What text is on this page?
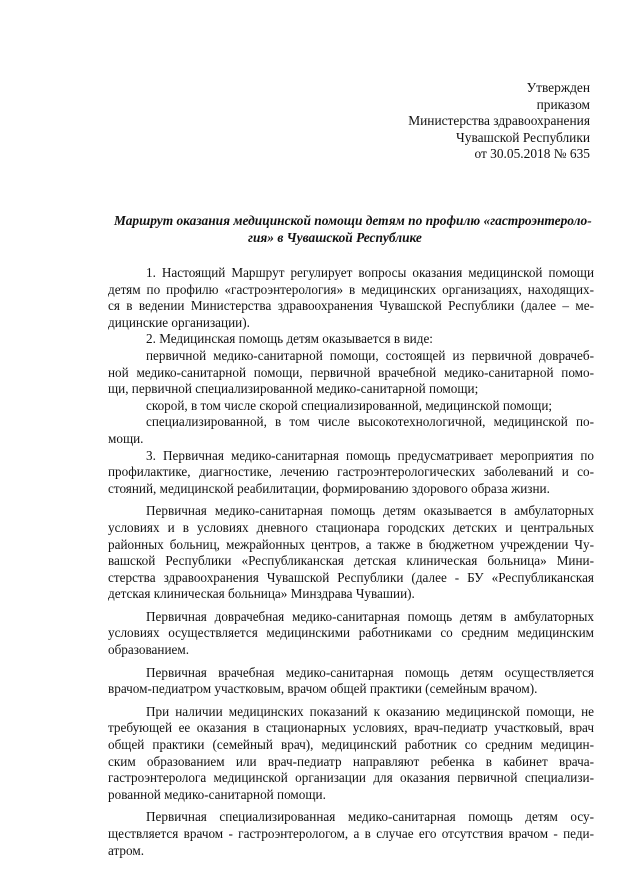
Утвержден
приказом
Министерства здравоохранения
Чувашской Республики
от 30.05.2018 № 635
Маршрут оказания медицинской помощи детям по профилю «гастроэнтероло-
гия» в Чувашской Республике
1. Настоящий Маршрут регулирует вопросы оказания медицинской помощи
детям по профилю «гастроэнтерология» в медицинских организациях, находящих-
ся в ведении Министерства здравоохранения Чувашской Республики (далее – ме-
дицинские организации).
2. Медицинская помощь детям оказывается в виде:
первичной медико-санитарной помощи, состоящей из первичной доврачеб-
ной медико-санитарной помощи, первичной врачебной медико-санитарной помо-
щи, первичной специализированной медико-санитарной помощи;
скорой, в том числе скорой специализированной, медицинской помощи;
специализированной, в том числе высокотехнологичной, медицинской по-
мощи.
3. Первичная медико-санитарная помощь предусматривает мероприятия по
профилактике, диагностике, лечению гастроэнтерологических заболеваний и со-
стояний, медицинской реабилитации, формированию здорового образа жизни.
Первичная медико-санитарная помощь детям оказывается в амбулаторных
условиях и в условиях дневного стационара городских детских и центральных
районных больниц, межрайонных центров, а также в бюджетном учреждении Чу-
вашской Республики «Республиканская детская клиническая больница» Мини-
стерства здравоохранения Чувашской Республики (далее - БУ «Республиканская
детская клиническая больница» Минздрава Чувашии).
Первичная доврачебная медико-санитарная помощь детям в амбулаторных
условиях осуществляется медицинскими работниками со средним медицинским
образованием.
Первичная врачебная медико-санитарная помощь детям осуществляется
врачом-педиатром участковым, врачом общей практики (семейным врачом).
При наличии медицинских показаний к оказанию медицинской помощи, не
требующей ее оказания в стационарных условиях, врач-педиатр участковый, врач
общей практики (семейный врач), медицинский работник со средним медицин-
ским образованием или врач-педиатр направляют ребенка в кабинет врача-
гастроэнтеролога медицинской организации для оказания первичной специализи-
рованной медико-санитарной помощи.
Первичная специализированная медико-санитарная помощь детям осу-
ществляется врачом - гастроэнтерологом, а в случае его отсутствия врачом - педи-
атром.
